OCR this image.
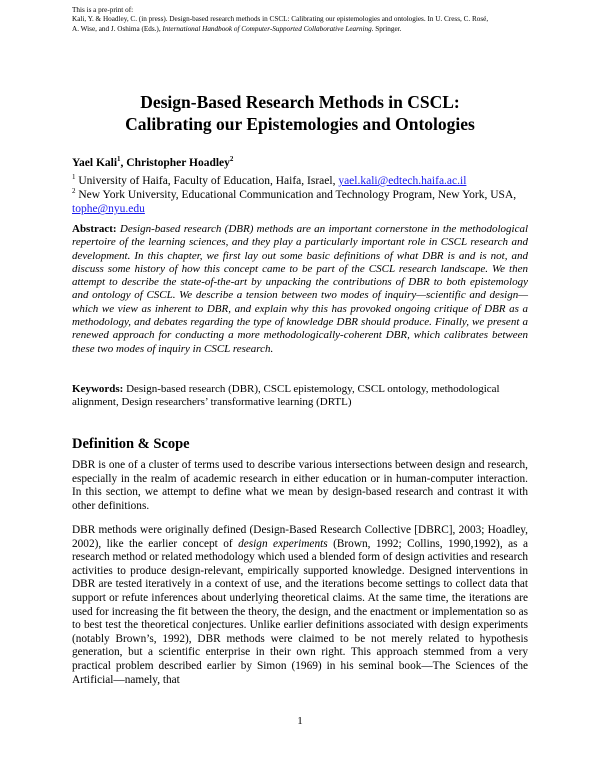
This is a pre-print of:
Kali, Y. & Hoadley, C. (in press). Design-based research methods in CSCL: Calibrating our epistemologies and ontologies. In U. Cress, C. Rosé,
A. Wise, and J. Oshima (Eds.), International Handbook of Computer-Supported Collaborative Learning. Springer.
Design-Based Research Methods in CSCL:
Calibrating our Epistemologies and Ontologies
Yael Kali$^1$, Christopher Hoadley$^2$
$^1$ University of Haifa, Faculty of Education, Haifa, Israel, yael.kali@edtech.haifa.ac.il
$^2$ New York University, Educational Communication and Technology Program, New York, USA, tophe@nyu.edu
Abstract: Design-based research (DBR) methods are an important cornerstone in the methodological repertoire of the learning sciences, and they play a particularly important role in CSCL research and development. In this chapter, we first lay out some basic definitions of what DBR is and is not, and discuss some history of how this concept came to be part of the CSCL research landscape. We then attempt to describe the state-of-the-art by unpacking the contributions of DBR to both epistemology and ontology of CSCL. We describe a tension between two modes of inquiry—scientific and design—which we view as inherent to DBR, and explain why this has provoked ongoing critique of DBR as a methodology, and debates regarding the type of knowledge DBR should produce. Finally, we present a renewed approach for conducting a more methodologically-coherent DBR, which calibrates between these two modes of inquiry in CSCL research.
Keywords: Design-based research (DBR), CSCL epistemology, CSCL ontology, methodological alignment, Design researchers’ transformative learning (DRTL)
Definition & Scope
DBR is one of a cluster of terms used to describe various intersections between design and research, especially in the realm of academic research in either education or in human-computer interaction. In this section, we attempt to define what we mean by design-based research and contrast it with other definitions.
DBR methods were originally defined (Design-Based Research Collective [DBRC], 2003; Hoadley, 2002), like the earlier concept of design experiments (Brown, 1992; Collins, 1990,1992), as a research method or related methodology which used a blended form of design activities and research activities to produce design-relevant, empirically supported knowledge. Designed interventions in DBR are tested iteratively in a context of use, and the iterations become settings to collect data that support or refute inferences about underlying theoretical claims. At the same time, the iterations are used for increasing the fit between the theory, the design, and the enactment or implementation so as to best test the theoretical conjectures. Unlike earlier definitions associated with design experiments (notably Brown’s, 1992), DBR methods were claimed to be not merely related to hypothesis generation, but a scientific enterprise in their own right. This approach stemmed from a very practical problem described earlier by Simon (1969) in his seminal book—The Sciences of the Artificial—namely, that
1
